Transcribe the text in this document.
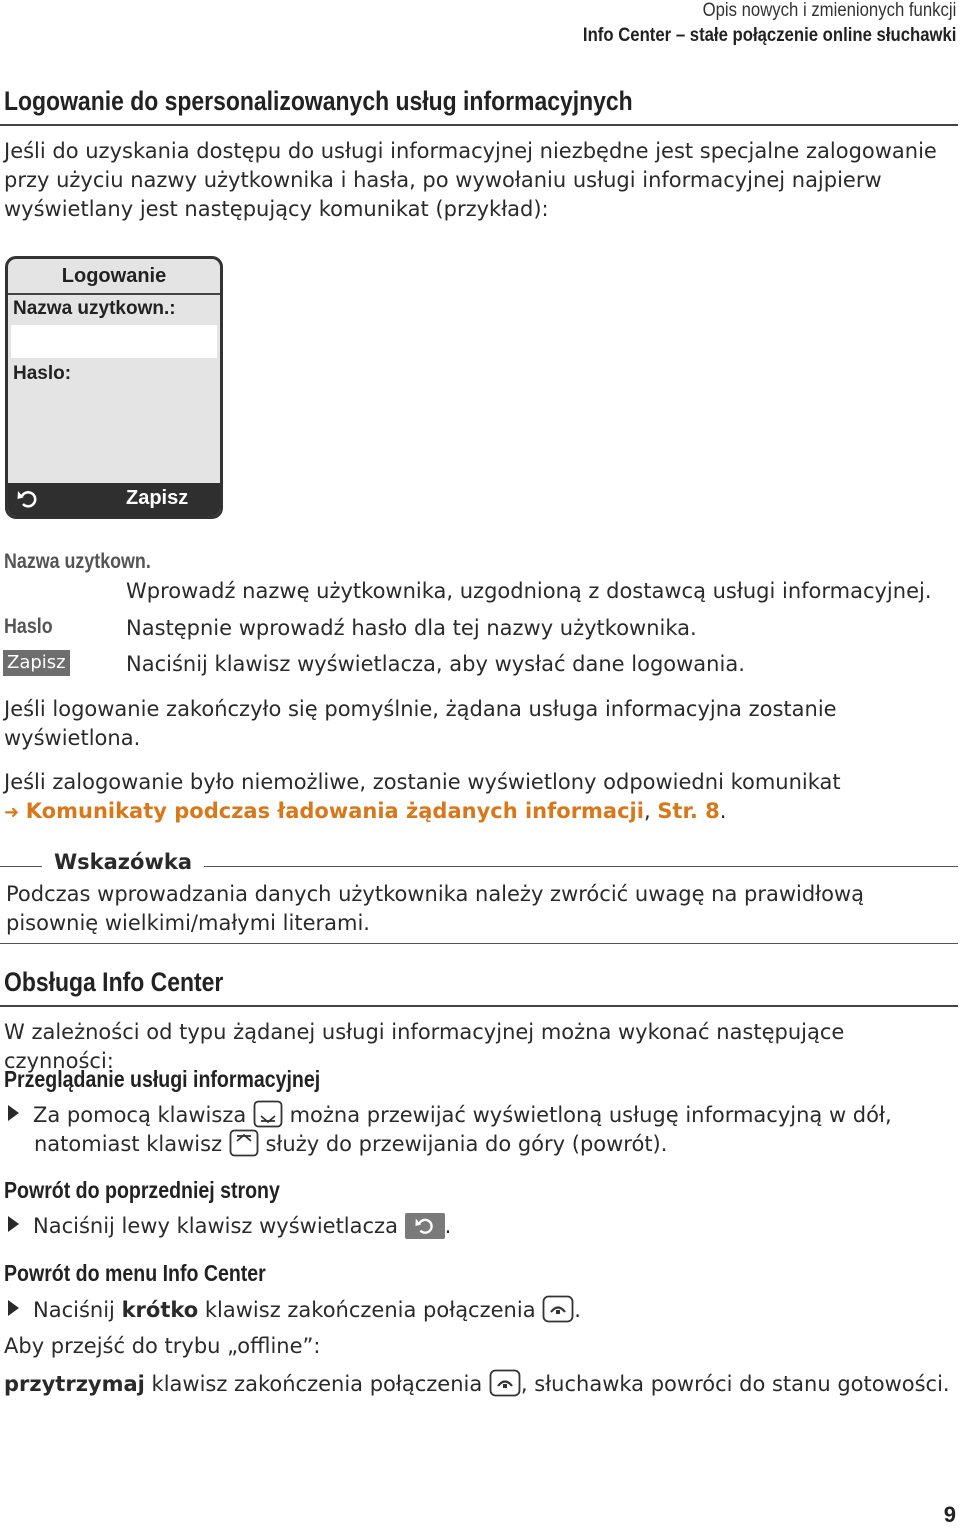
Opis nowych i zmienionych funkcji
Info Center – stałe połączenie online słuchawki
Logowanie do spersonalizowanych usług informacyjnych
Jeśli do uzyskania dostępu do usługi informacyjnej niezbędne jest specjalne zalogowanie
przy użyciu nazwy użytkownika i hasła, po wywołaniu usługi informacyjnej najpierw
wyświetlany jest następujący komunikat (przykład):
Logowanie
Nazwa uzytkown.:
Haslo:
Zapisz
Nazwa uzytkown.
Wprowadź nazwę użytkownika, uzgodnioną z dostawcą usługi informacyjnej.
Haslo	Następnie wprowadź hasło dla tej nazwy użytkownika.
Zapisz	Naciśnij klawisz wyświetlacza, aby wysłać dane logowania.
Jeśli logowanie zakończyło się pomyślnie, żądana usługa informacyjna zostanie
wyświetlona.
Jeśli zalogowanie było niemożliwe, zostanie wyświetlony odpowiedni komunikat
➜ Komunikaty podczas ładowania żądanych informacji, Str. 8.
Wskazówka
Podczas wprowadzania danych użytkownika należy zwrócić uwagę na prawidłową
pisownię wielkimi/małymi literami.
Obsługa Info Center
W zależności od typu żądanej usługi informacyjnej można wykonać następujące czynności:
Przeglądanie usługi informacyjnej
Za pomocą klawisza można przewijać wyświetloną usługę informacyjną w dół,
natomiast klawisz służy do przewijania do góry (powrót).
Powrót do poprzedniej strony
Naciśnij lewy klawisz wyświetlacza .
Powrót do menu Info Center
Naciśnij krótko klawisz zakończenia połączenia .
Aby przejść do trybu „offline”:
przytrzymaj klawisz zakończenia połączenia , słuchawka powróci do stanu gotowości.
9
